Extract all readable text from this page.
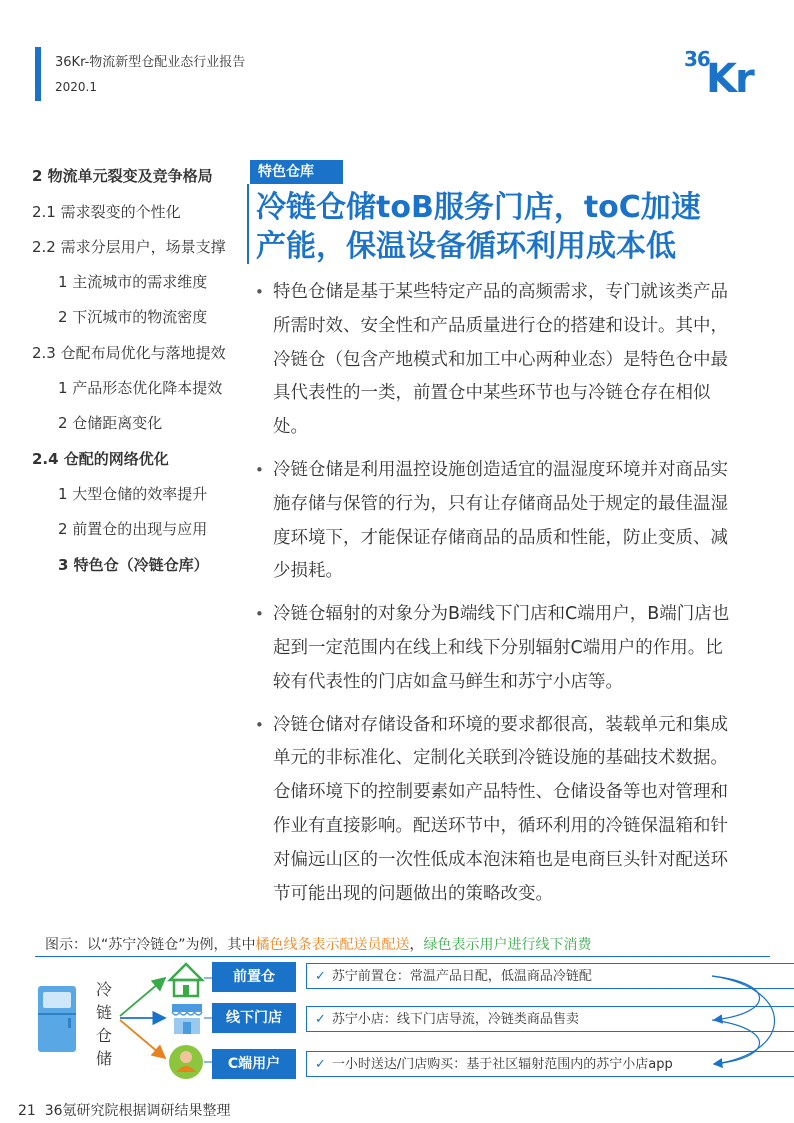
36Kr-物流新型仓配业态行业报告
2020.1
36
Kr
2 物流单元裂变及竞争格局
2.1 需求裂变的个性化
2.2 需求分层用户，场景支撑
1 主流城市的需求维度
2 下沉城市的物流密度
2.3 仓配布局优化与落地提效
1 产品形态优化降本提效
2 仓储距离变化
2.4 仓配的网络优化
1 大型仓储的效率提升
2 前置仓的出现与应用
3 特色仓（冷链仓库）
特色仓库
冷链仓储toB服务门店，toC加速
产能，保温设备循环利用成本低
• 特色仓储是基于某些特定产品的高频需求，专门就该类产品所需时效、安全性和产品质量进行仓的搭建和设计。其中，冷链仓（包含产地模式和加工中心两种业态）是特色仓中最具代表性的一类，前置仓中某些环节也与冷链仓存在相似处。
• 冷链仓储是利用温控设施创造适宜的温湿度环境并对商品实施存储与保管的行为，只有让存储商品处于规定的最佳温湿度环境下，才能保证存储商品的品质和性能，防止变质、减少损耗。
• 冷链仓辐射的对象分为B端线下门店和C端用户，B端门店也起到一定范围内在线上和线下分别辐射C端用户的作用。比较有代表性的门店如盒马鲜生和苏宁小店等。
• 冷链仓储对存储设备和环境的要求都很高，装载单元和集成单元的非标准化、定制化关联到冷链设施的基础技术数据。仓储环境下的控制要素如产品特性、仓储设备等也对管理和作业有直接影响。配送环节中，循环利用的冷链保温箱和针对偏远山区的一次性低成本泡沫箱也是电商巨头针对配送环节可能出现的问题做出的策略改变。
图示：以“苏宁冷链仓”为例，其中橘色线条表示配送员配送，绿色表示用户进行线下消费
冷
链
仓
储
前置仓
线下门店
C端用户
✓ 苏宁前置仓：常温产品日配，低温商品冷链配
✓ 苏宁小店：线下门店导流，冷链类商品售卖
✓ 一小时送达/门店购买：基于社区辐射范围内的苏宁小店app
21 36氪研究院根据调研结果整理
